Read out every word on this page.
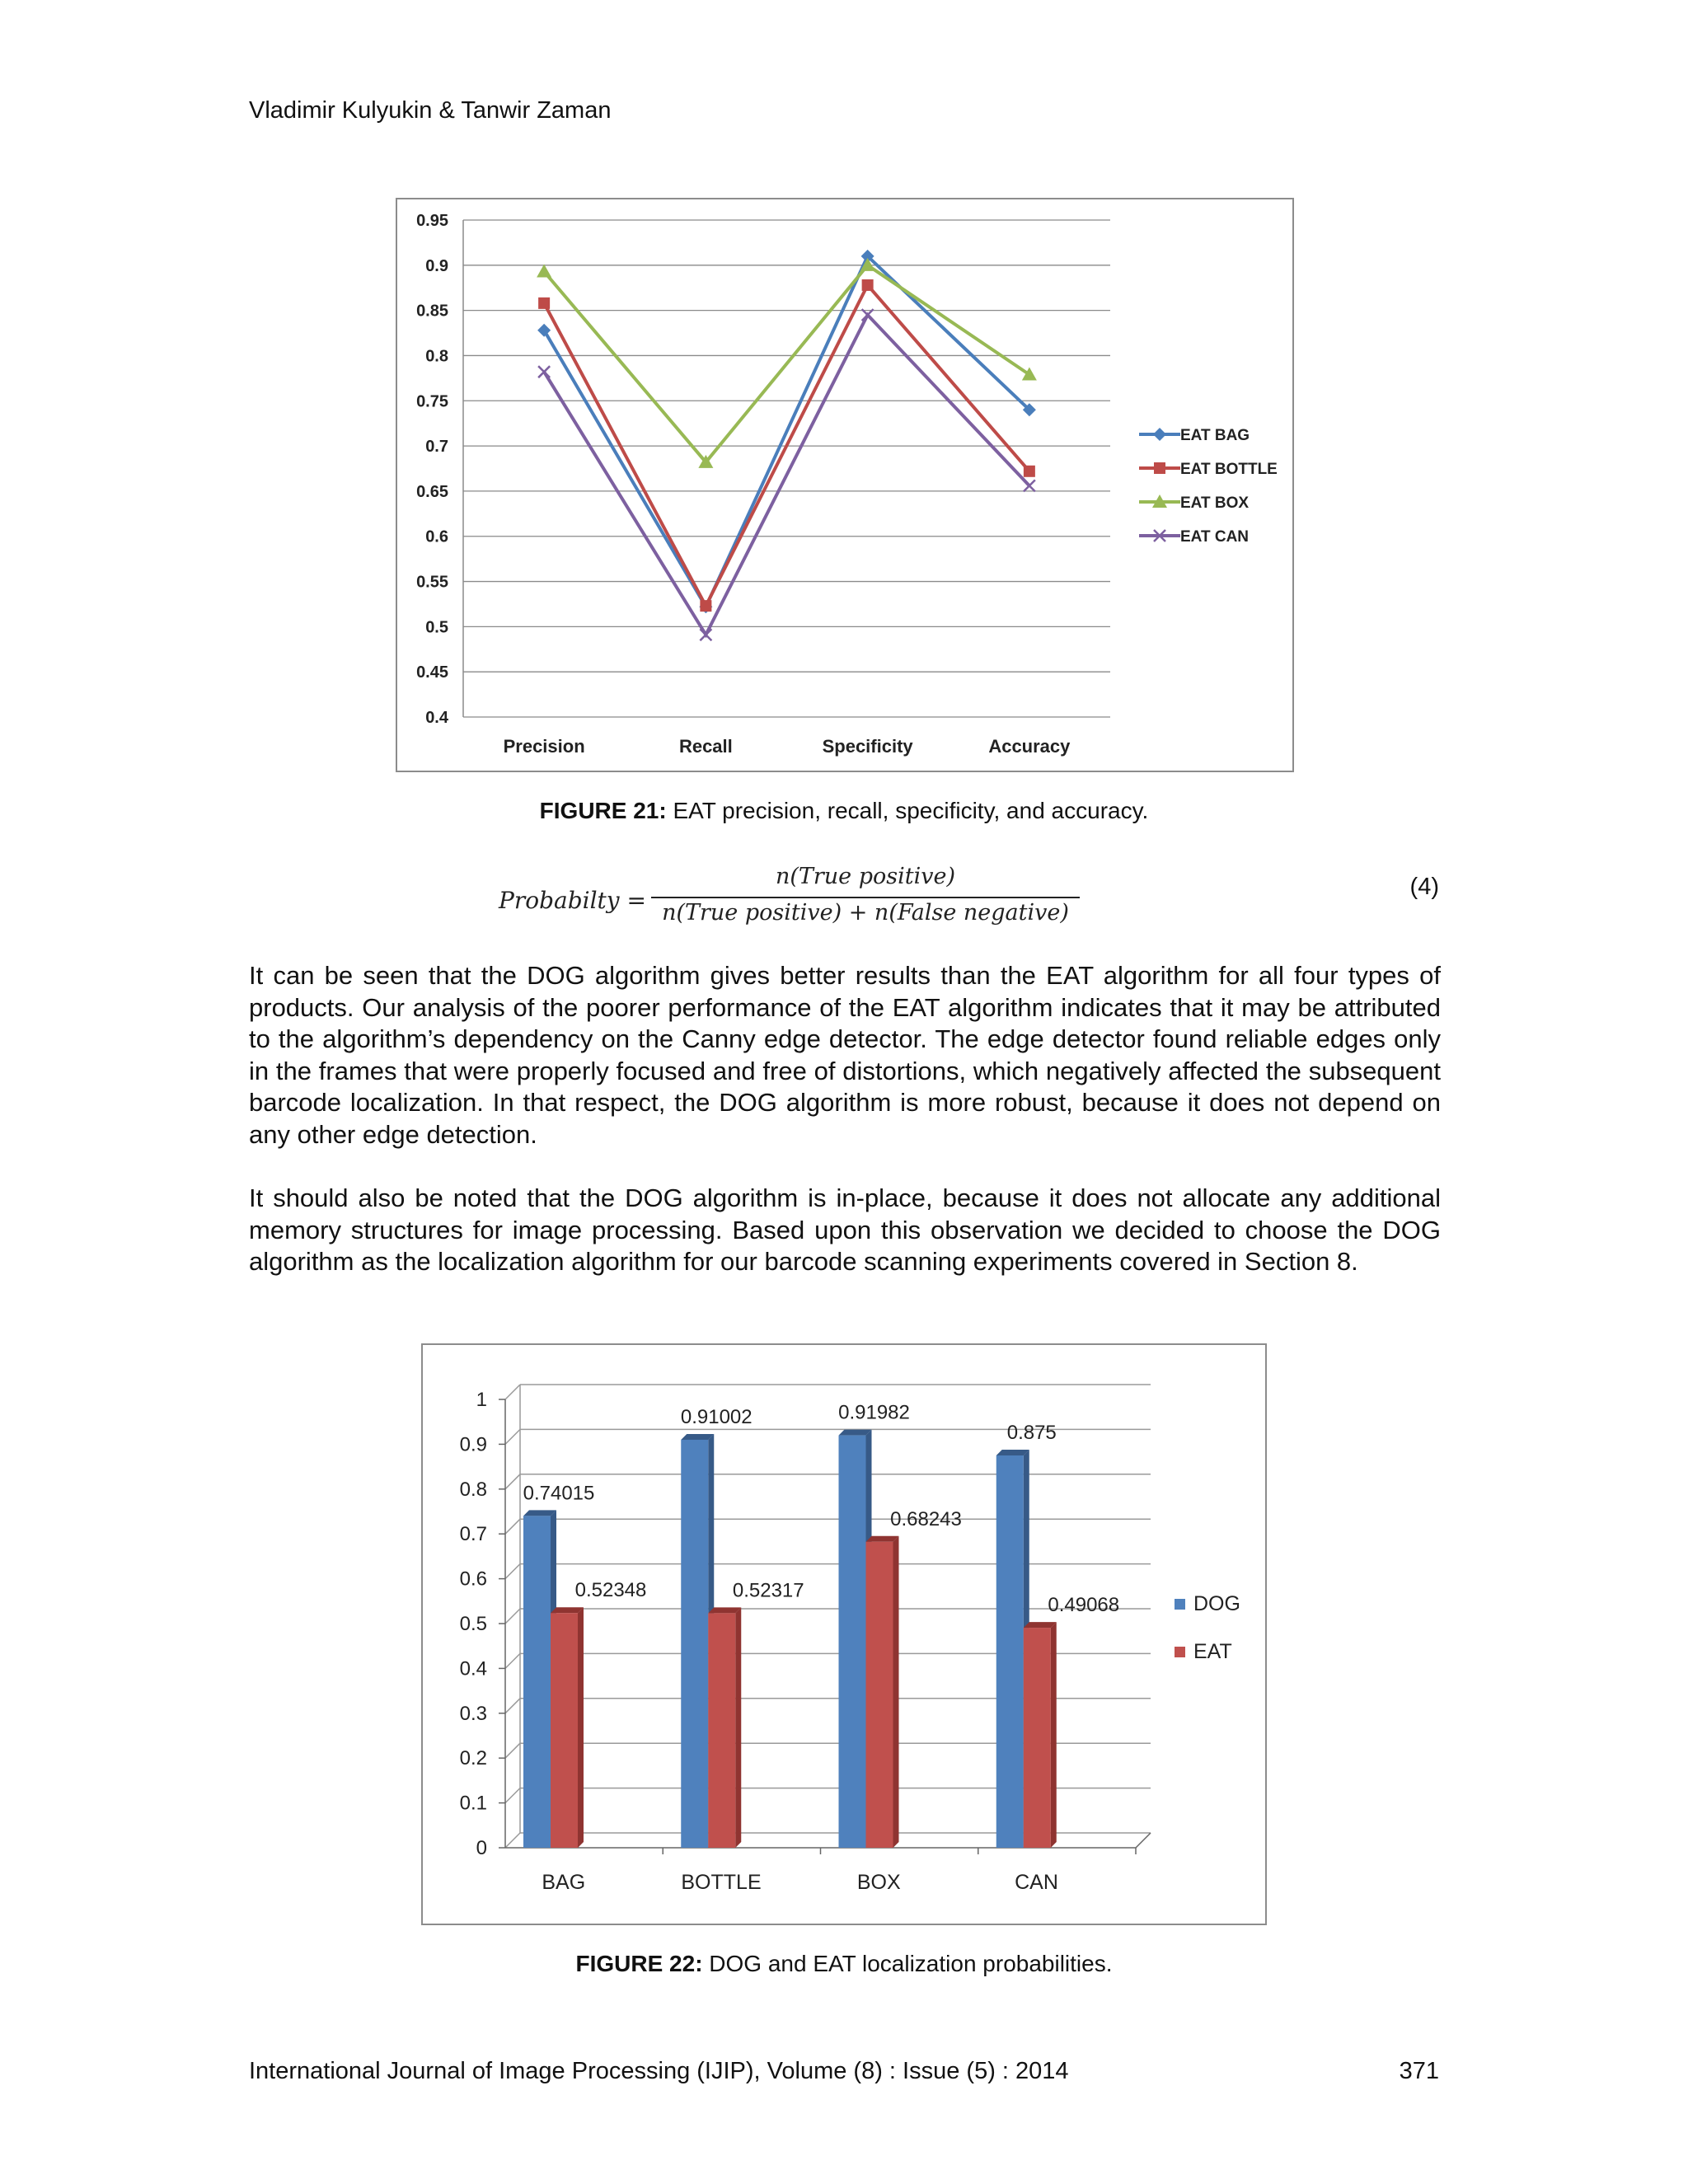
Vladimir Kulyukin & Tanwir Zaman
0.95
0.9
0.85
0.8
0.75
0.7
0.65
0.6
0.55
0.5
0.45
0.4
Precision	Recall	Specificity	Accuracy
EAT BAG
EAT BOTTLE
EAT BOX
EAT CAN
FIGURE 21: EAT precision, recall, specificity, and accuracy.
Probabilty =
n(True positive)
n(True positive) + n(False negative)
(4)

It can be seen that the DOG algorithm gives better results than the EAT algorithm for all four types of products. Our analysis of the poorer performance of the EAT algorithm indicates that it may be attributed to the algorithm’s dependency on the Canny edge detector. The edge detector found reliable edges only in the frames that were properly focused and free of distortions, which negatively affected the subsequent barcode localization. In that respect, the DOG algorithm is more robust, because it does not depend on any other edge detection.

It should also be noted that the DOG algorithm is in-place, because it does not allocate any additional memory structures for image processing. Based upon this observation we decided to choose the DOG algorithm as the localization algorithm for our barcode scanning experiments covered in Section 8.

1
0.9
0.8
0.7
0.6
0.5
0.4
0.3
0.2
0.1
0
BAG
0.74015
0.52348
BOTTLE
0.91002
0.52317
BOX
0.91982
0.68243
CAN
0.875
0.49068	DOG
EAT
FIGURE 22: DOG and EAT localization probabilities.
International Journal of Image Processing (IJIP), Volume (8) : Issue (5) : 2014	371
